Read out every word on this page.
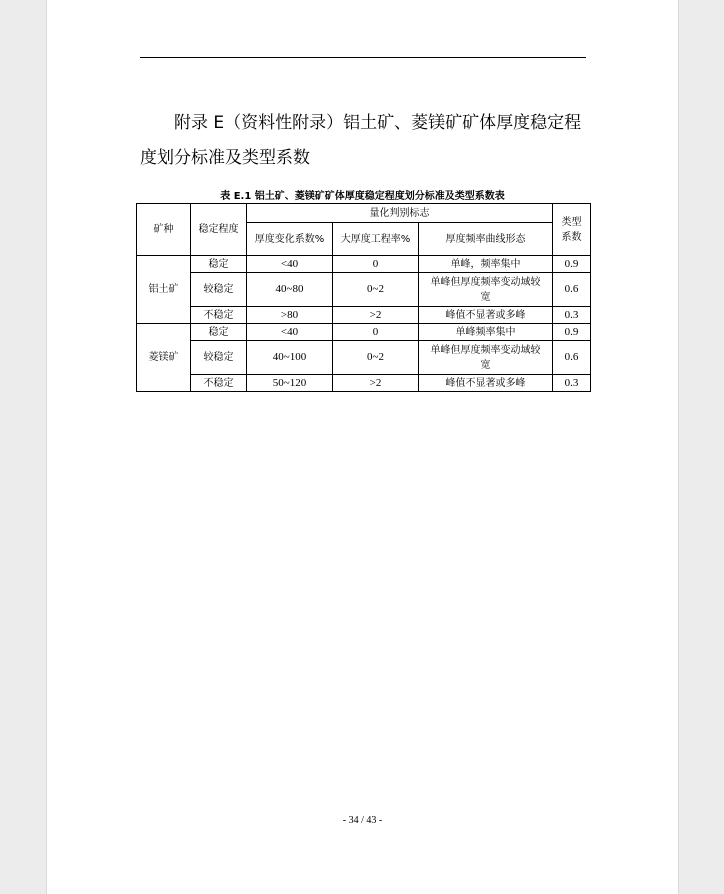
附录 E（资料性附录）铝土矿、菱镁矿矿体厚度稳定程度划分标准及类型系数
表 E.1 铝土矿、菱镁矿矿体厚度稳定程度划分标准及类型系数表
矿种	稳定程度	量化判别标志			类型系数
		厚度变化系数%	大厚度工程率%	厚度频率曲线形态	
铝土矿	稳定	<40	0	单峰，频率集中	0.9
	较稳定	40~80	0~2	单峰但厚度频率变动域较宽	0.6
	不稳定	>80	>2	峰值不显著或多峰	0.3
菱镁矿	稳定	<40	0	单峰频率集中	0.9
	较稳定	40~100	0~2	单峰但厚度频率变动域较宽	0.6
	不稳定	50~120	>2	峰值不显著或多峰	0.3
- 34 / 43 -
